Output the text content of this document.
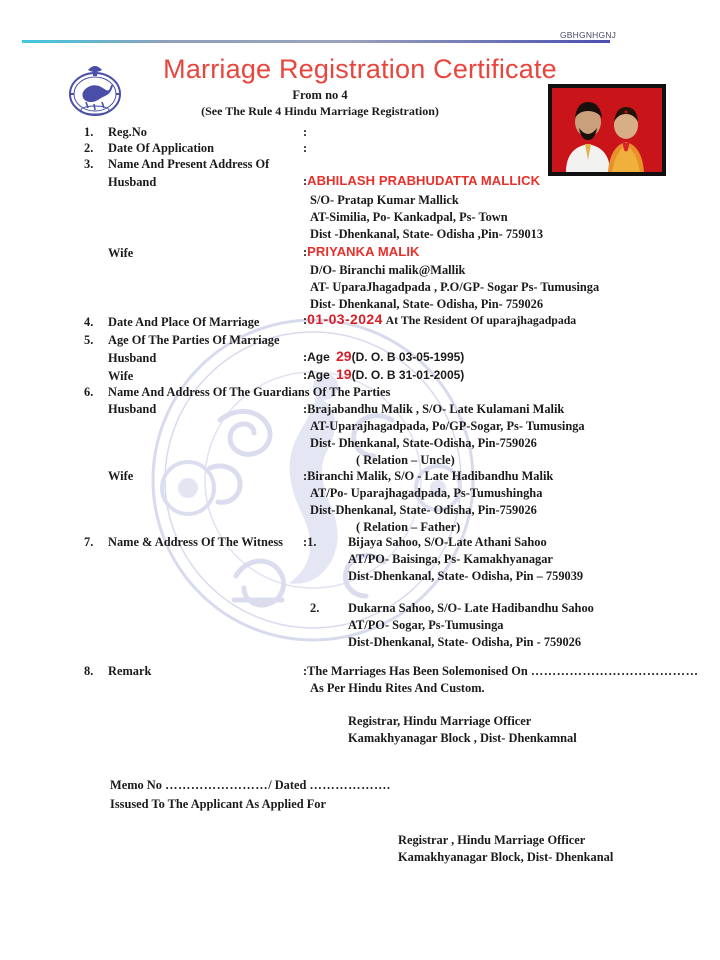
GBHGNHGNJ
Marriage Registration Certificate
From no 4
(See The Rule 4 Hindu Marriage Registration)
1.	Reg.No	:
2.	Date Of Application	:
3.	Name And Present Address Of
Husband	:ABHILASH PRABHUDATTA MALLICK
S/O- Pratap Kumar Mallick
AT-Similia, Po- Kankadpal, Ps- Town
Dist -Dhenkanal, State- Odisha ,Pin- 759013
Wife	:PRIYANKA MALIK
D/O- Biranchi malik@Mallik
AT- UparaJhagadpada , P.O/GP- Sogar Ps- Tumusinga
Dist- Dhenkanal, State- Odisha, Pin- 759026
4.	Date And Place Of Marriage	:01-03-2024 At The Resident Of uparajhagadpada
5.	Age Of The Parties Of Marriage
Husband	:Age 29(D. O. B 03-05-1995)
Wife	:Age 19(D. O. B 31-01-2005)
6.	Name And Address Of The Guardians Of The Parties
Husband	:Brajabandhu Malik , S/O- Late Kulamani Malik
AT-Uparajhagadpada, Po/GP-Sogar, Ps- Tumusinga
Dist- Dhenkanal, State-Odisha, Pin-759026
( Relation – Uncle)
Wife	:Biranchi Malik, S/O - Late Hadibandhu Malik
AT/Po- Uparajhagadpada, Ps-Tumushingha
Dist-Dhenkanal, State- Odisha, Pin-759026
( Relation – Father)
7.	Name & Address Of The Witness :1.	Bijaya Sahoo, S/O-Late Athani Sahoo
AT/PO- Baisinga, Ps- Kamakhyanagar
Dist-Dhenkanal, State- Odisha, Pin – 759039
2. Dukarna Sahoo, S/O- Late Hadibandhu Sahoo
AT/PO- Sogar, Ps-Tumusinga
Dist-Dhenkanal, State- Odisha, Pin - 759026
8.	Remark	:The Marriages Has Been Solemonised On …………………………………
As Per Hindu Rites And Custom.
Registrar, Hindu Marriage Officer
Kamakhyanagar Block , Dist- Dhenkamnal
Memo No ……………………/ Dated ……………….
Issused To The Applicant As Applied For
Registrar , Hindu Marriage Officer
Kamakhyanagar Block, Dist- Dhenkanal
